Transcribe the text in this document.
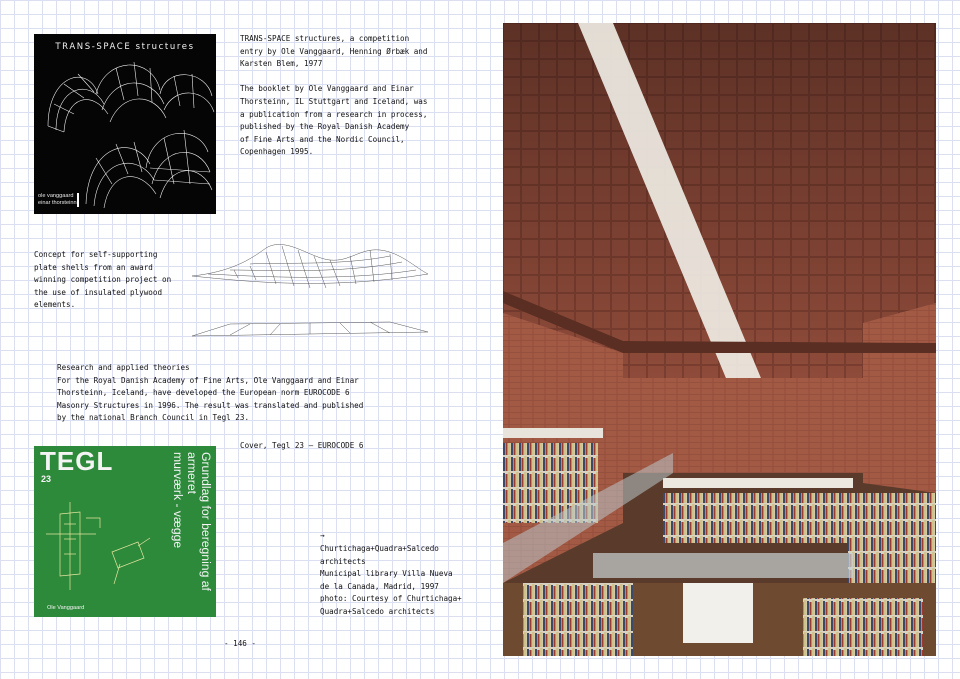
TRANS-SPACE structures
ole vanggaard
einar thorsteinn
TRANS-SPACE structures, a competition
entry by Ole Vanggaard, Henning Ørbæk and
Karsten Blem, 1977

The booklet by Ole Vanggaard and Einar
Thorsteinn, IL Stuttgart and Iceland, was
a publication from a research in process,
published by the Royal Danish Academy
of Fine Arts and the Nordic Council,
Copenhagen 1995.
Concept for self-supporting
plate shells from an award
winning competition project on
the use of insulated plywood
elements.
Research and applied theories
For the Royal Danish Academy of Fine Arts, Ole Vanggaard and Einar
Thorsteinn, Iceland, have developed the European norm EUROCODE 6
Masonry Structures in 1996. The result was translated and published
by the national Branch Council in Tegl 23.
TEGL
23	Grundlag for beregning af armeret
murværk - vægge
Ole Vanggaard
Cover, Tegl 23 — EUROCODE 6
→
Churtichaga+Quadra+Salcedo
architects
Municipal library Villa Nueva
de la Canada, Madrid, 1997
photo: Courtesy of Churtichaga+
Quadra+Salcedo architects
- 146 -
